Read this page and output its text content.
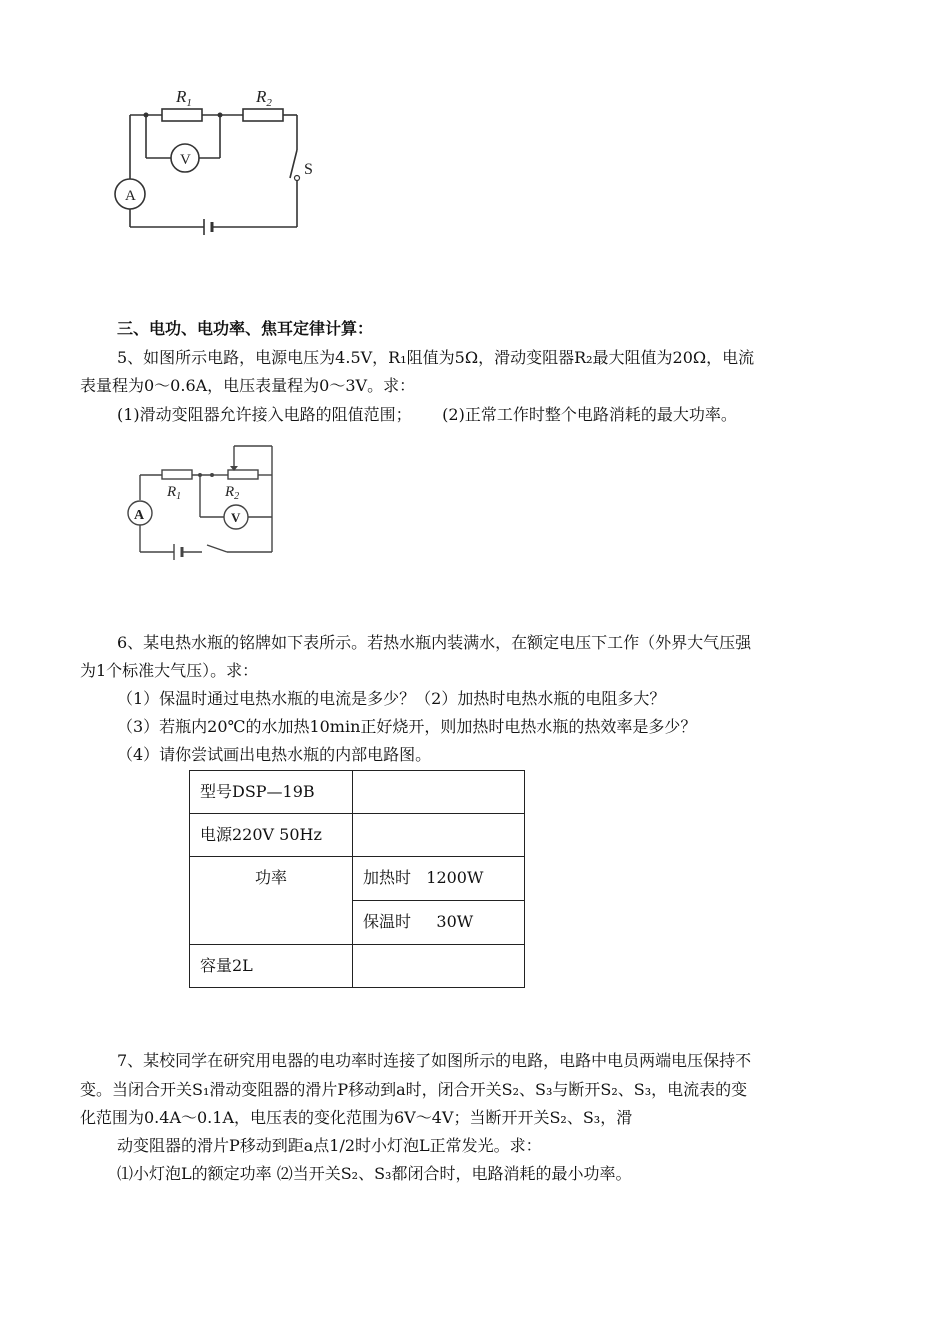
$R_1$	$R_2$
V
A
S
三、电功、电功率、焦耳定律计算：
5、如图所示电路，电源电压为4.5V，R₁阻值为5Ω，滑动变阻器R₂最大阻值为20Ω，电流
表量程为0～0.6A，电压表量程为0～3V。求：
(1)滑动变阻器允许接入电路的阻值范围；      (2)正常工作时整个电路消耗的最大功率。
$R_1$	$R_2$
A	V
6、某电热水瓶的铭牌如下表所示。若热水瓶内装满水，在额定电压下工作（外界大气压强
为1个标准大气压）。求：
（1）保温时通过电热水瓶的电流是多少？（2）加热时电热水瓶的电阻多大？
（3）若瓶内20℃的水加热10min正好烧开，则加热时电热水瓶的热效率是多少？
（4）请你尝试画出电热水瓶的内部电路图。
型号DSP—19B	
电源220V 50Hz	
功率	加热时   1200W
	保温时     30W
容量2L	
7、某校同学在研究用电器的电功率时连接了如图所示的电路，电路中电员两端电压保持不
变。当闭合开关S₁滑动变阻器的滑片P移动到a时，闭合开关S₂、S₃与断开S₂、S₃，电流表的变
化范围为0.4A～0.1A，电压表的变化范围为6V～4V；当断开开关S₂、S₃，滑
动变阻器的滑片P移动到距a点1/2时小灯泡L正常发光。求：
⑴小灯泡L的额定功率 ⑵当开关S₂、S₃都闭合时，电路消耗的最小功率。
